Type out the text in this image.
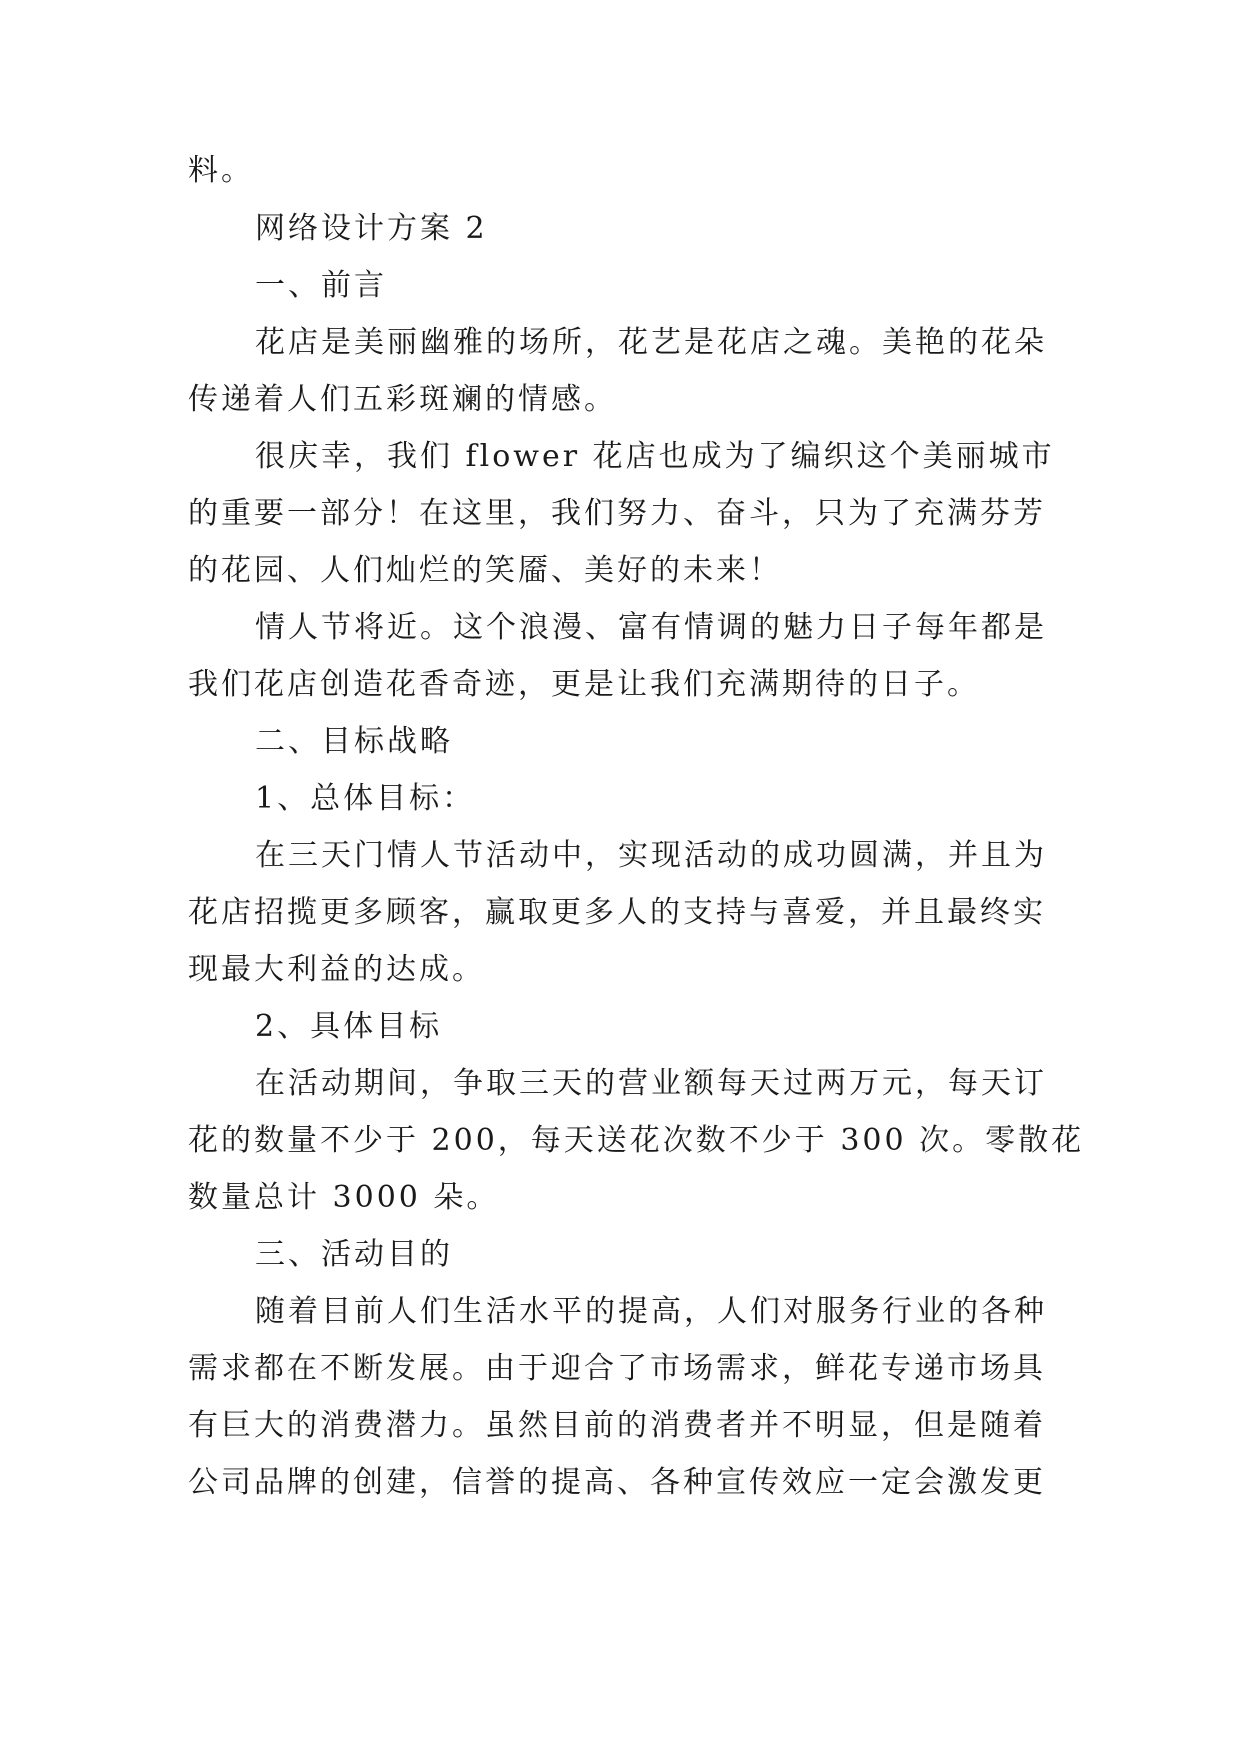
料。
网络设计方案 2
一、前言
花店是美丽幽雅的场所，花艺是花店之魂。美艳的花朵
传递着人们五彩斑斓的情感。
很庆幸，我们 flower 花店也成为了编织这个美丽城市
的重要一部分！在这里，我们努力、奋斗，只为了充满芬芳
的花园、人们灿烂的笑靥、美好的未来！
情人节将近。这个浪漫、富有情调的魅力日子每年都是
我们花店创造花香奇迹，更是让我们充满期待的日子。
二、目标战略
1、总体目标：
在三天门情人节活动中，实现活动的成功圆满，并且为
花店招揽更多顾客，赢取更多人的支持与喜爱，并且最终实
现最大利益的达成。
2、具体目标
在活动期间，争取三天的营业额每天过两万元，每天订
花的数量不少于 200，每天送花次数不少于 300 次。零散花
数量总计 3000 朵。
三、活动目的
随着目前人们生活水平的提高，人们对服务行业的各种
需求都在不断发展。由于迎合了市场需求，鲜花专递市场具
有巨大的消费潜力。虽然目前的消费者并不明显，但是随着
公司品牌的创建，信誉的提高、各种宣传效应一定会激发更
